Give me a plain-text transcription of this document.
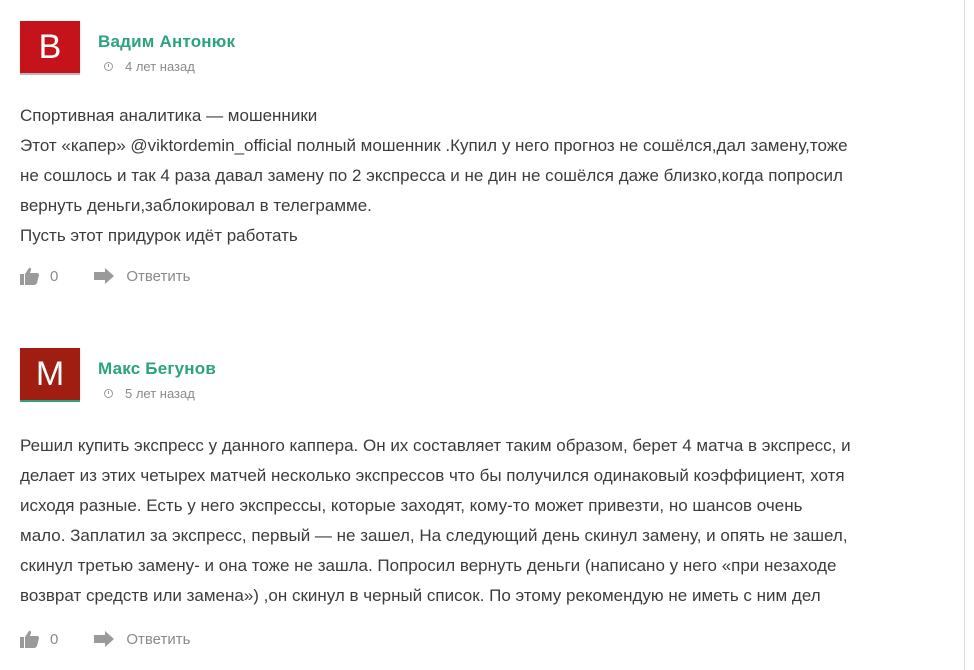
B	Вадим Антонюк
4 лет назад
Спортивная аналитика — мошенники
Этот «капер» @viktordemin_official полный мошенник .Купил у него прогноз не сошёлся,дал замену,тоже
не сошлось и так 4 раза давал замену по 2 экспресса и не дин не сошёлся даже близко,когда попросил
вернуть деньги,заблокировал в телеграмме.
Пусть этот придурок идёт работать
0	Ответить
M	Макс Бегунов
5 лет назад
Решил купить экспресс у данного каппера. Он их составляет таким образом, берет 4 матча в экспресс, и
делает из этих четырех матчей несколько экспрессов что бы получился одинаковый коэффициент, хотя
исходя разные. Есть у него экспрессы, которые заходят, кому-то может привезти, но шансов очень
мало. Заплатил за экспресс, первый — не зашел, На следующий день скинул замену, и опять не зашел,
скинул третью замену- и она тоже не зашла. Попросил вернуть деньги (написано у него «при незаходе
возврат средств или замена») ,он скинул в черный список. По этому рекомендую не иметь с ним дел
0	Ответить
